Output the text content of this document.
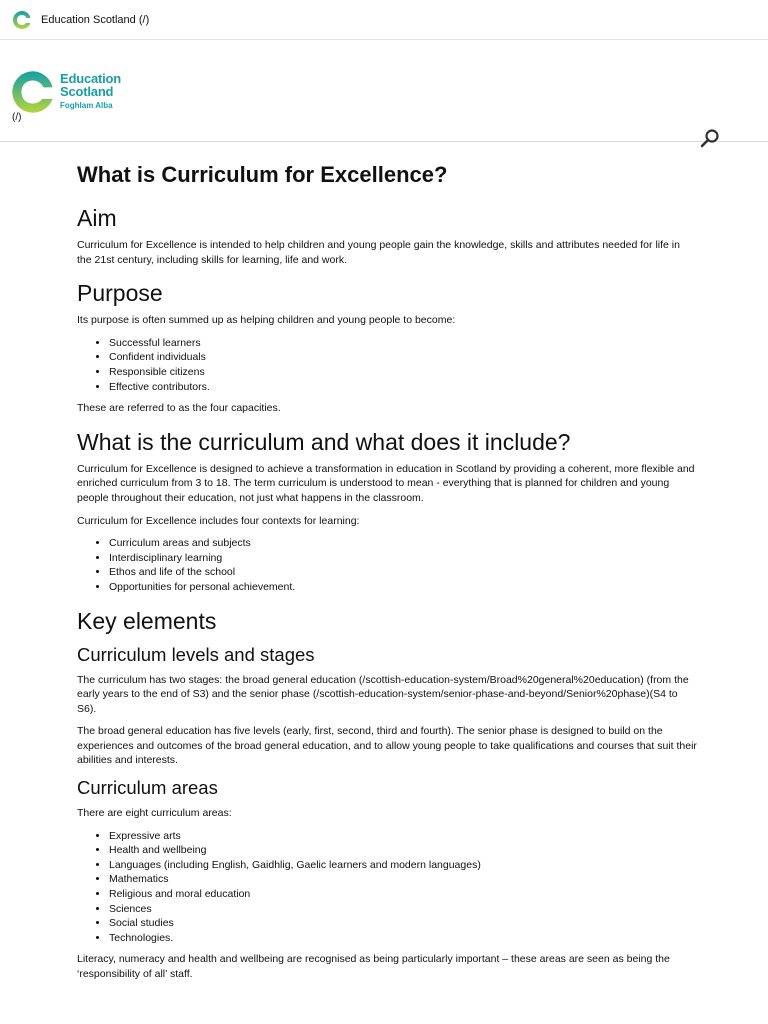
s Education Scotland (/)
s
Education
Scotland
Foghlam Alba
(/)
What is Curriculum for Excellence?
Aim

Curriculum for Excellence is intended to help children and young people gain the knowledge, skills and attributes needed for life in the 21st century, including skills for learning, life and work.

Purpose

Its purpose is often summed up as helping children and young people to become:

• Successful learners
• Confident individuals
• Responsible citizens
• Effective contributors.

These are referred to as the four capacities.

What is the curriculum and what does it include?

Curriculum for Excellence is designed to achieve a transformation in education in Scotland by providing a coherent, more flexible and enriched curriculum from 3 to 18. The term curriculum is understood to mean - everything that is planned for children and young people throughout their education, not just what happens in the classroom.

Curriculum for Excellence includes four contexts for learning:

• Curriculum areas and subjects
• Interdisciplinary learning
• Ethos and life of the school
• Opportunities for personal achievement.
Key elements
Curriculum levels and stages

The curriculum has two stages: the broad general education (/scottish-education-system/Broad%20general%20education) (from the early years to the end of S3) and the senior phase (/scottish-education-system/senior-phase-and-beyond/Senior%20phase)(S4 to S6).

The broad general education has five levels (early, first, second, third and fourth). The senior phase is designed to build on the experiences and outcomes of the broad general education, and to allow young people to take qualifications and courses that suit their abilities and interests.

Curriculum areas

There are eight curriculum areas:

• Expressive arts
• Health and wellbeing
• Languages (including English, Gaidhlig, Gaelic learners and modern languages)
• Mathematics
• Religious and moral education
• Sciences
• Social studies
• Technologies.

Literacy, numeracy and health and wellbeing are recognised as being particularly important – these areas are seen as being the ‘responsibility of all’ staff.
